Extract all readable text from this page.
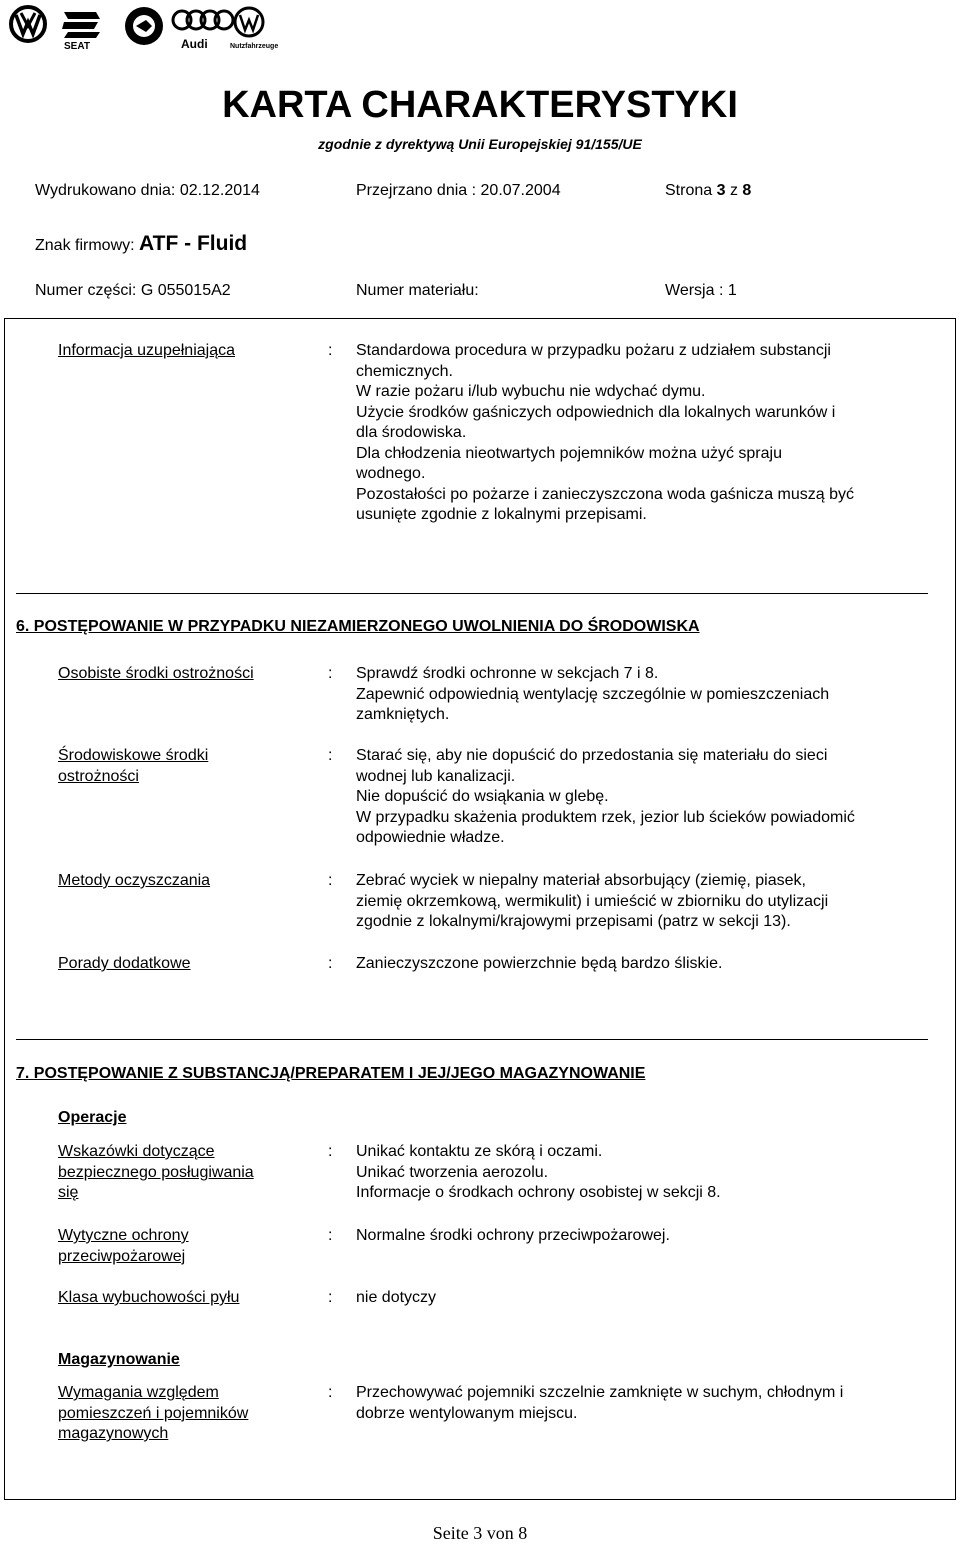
SEAT	Audi	Nutzfahrzeuge
KARTA CHARAKTERYSTYKI
zgodnie z dyrektywą Unii Europejskiej 91/155/UE
Wydrukowano dnia: 02.12.2014	Przejrzano dnia : 20.07.2004	Strona 3 z 8
Znak firmowy: ATF - Fluid
Numer części: G 055015A2	Numer materiału:	Wersja : 1
Informacja uzupełniająca	: Standardowa procedura w przypadku pożaru z udziałem substancji
chemicznych.
W razie pożaru i/lub wybuchu nie wdychać dymu.
Użycie środków gaśniczych odpowiednich dla lokalnych warunków i
dla środowiska.
Dla chłodzenia nieotwartych pojemników można użyć spraju
wodnego.
Pozostałości po pożarze i zanieczyszczona woda gaśnicza muszą być
usunięte zgodnie z lokalnymi przepisami.
6. POSTĘPOWANIE W PRZYPADKU NIEZAMIERZONEGO UWOLNIENIA DO ŚRODOWISKA
Osobiste środki ostrożności	: Sprawdź środki ochronne w sekcjach 7 i 8.
Zapewnić odpowiednią wentylację szczególnie w pomieszczeniach
zamkniętych.
Środowiskowe środki
ostrożności
: Starać się, aby nie dopuścić do przedostania się materiału do sieci
wodnej lub kanalizacji.
Nie dopuścić do wsiąkania w glebę.
W przypadku skażenia produktem rzek, jezior lub ścieków powiadomić
odpowiednie władze.
Metody oczyszczania	: Zebrać wyciek w niepalny materiał absorbujący (ziemię, piasek,
ziemię okrzemkową, wermikulit) i umieścić w zbiorniku do utylizacji
zgodnie z lokalnymi/krajowymi przepisami (patrz w sekcji 13).
Porady dodatkowe	: Zanieczyszczone powierzchnie będą bardzo śliskie.
7. POSTĘPOWANIE Z SUBSTANCJĄ/PREPARATEM I JEJ/JEGO MAGAZYNOWANIE
Operacje
Wskazówki dotyczące
bezpiecznego posługiwania
się
: Unikać kontaktu ze skórą i oczami.
Unikać tworzenia aerozolu.
Informacje o środkach ochrony osobistej w sekcji 8.
Wytyczne ochrony
przeciwpożarowej
: Normalne środki ochrony przeciwpożarowej.
Klasa wybuchowości pyłu	: nie dotyczy
Magazynowanie
Wymagania względem
pomieszczeń i pojemników
magazynowych
: Przechowywać pojemniki szczelnie zamknięte w suchym, chłodnym i
dobrze wentylowanym miejscu.
Seite 3 von 8
